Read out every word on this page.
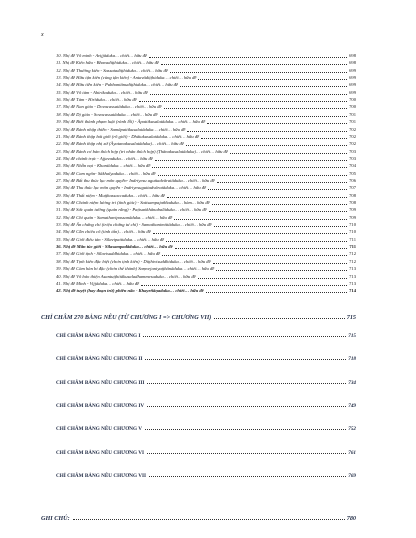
x
10. Nhị đề Vô minh - Avijjāduka… chiết… hữu đề	698
11. Nhị đề Kiến hữu - Bhavadiṭṭhiduka… chiết… hữu đề	698
12. Nhị đề Thường kiến - Sassatadiṭṭhiduka… chiết… hữu đề	699
13. Nhị đề Hữu tận kiến (cùng tận kiến) - Antavādiṭṭhiduka… chiết… hữu đề	699
14. Nhị đề Hữu tiền kiến - Pubbantānudiṭṭhiduka… chiết… hữu đề	699
15. Nhị đề Vô tàm - Ahirikaduka… chiết… hữu đề	699
16. Nhị đề Tàm - Hirīduka… chiết… hữu đề	700
17. Nhị đề Nan giáo - Dovacassatāduka… chiết… hữu đề	700
18. Nhị đề Dị giáo - Sovacassatāduka… chiết… hữu đề	701
19. Nhị đề Biết thành phạm luật (rành lỗi) - Āpattikusalatāduka… chiết… hữu đề	701
20. Nhị đề Rành nhập thiền - Samāpattikusalatāduka… chiết… hữu đề	702
21. Nhị đề Rành thập bát giới (rõ giới) - Dhātukusalatāduka… chiết… hữu đề	702
22. Nhị đề Rành thập nhị xứ (Āyatanakusalatāduka)… chiết… hữu đề	702
23. Nhị đề Rành cơ bản thích hợp (tri nhân thích hợp) (Ṭhānakusalatāduka)… chiết… hữu đề	703
24. Nhị đề chánh trực - Ajjavaduka… chiết… hữu đề	703
25. Nhị đề Nhẫn nại - Khantīduka… chiết… hữu đề	704
26. Nhị đề Cam ngôn- Sākhalyaduka… chiết… hữu đề	705
27. Nhị đề Bất thu thúc lục môn quyền- Indriyesu aguttadvāratāduka… chiết… hữu đề	706
28. Nhị đề Thu thúc lục môn quyền - Indriyesuguttadvāratāduka… chiết… hữu đề	707
29. Nhị đề Thất niệm - Muṭṭhassaccaduka… chiết… hữu đề	708
30. Nhị đề Chánh niệm lương tri (tỉnh giác) - Satisampajaññaduka… hàm… hữu đề	708
31. Nhị đề Sức quán tưởng (quán rằng) - Paṭisaṅkhānabalāduka… chiết… hữu đề	709
32. Nhị đề Chỉ quán - Samathavipassanāduka… chiết… hữu đề	709
33. Nhị đề Ấn chứng chỉ (triệu chứng tư chỉ) - Samathanimittāduka… chiết… hữu đề	710
34. Nhị đề Cần chiếu cố (tinh tấn)… chiết… hữu đề	710
35. Nhị đề Giới điêu tàn - Sīlavipattiduka… chiết… hữu đề	711
36. Nhị đề Mãn túc giới - Sīlasampadāduka… chiết… hữu đề	711
37. Nhị đề Giới tịnh - Sīlavisuddhiduka… chiết… hữu đề	712
38. Nhị đề Tịnh kiến đặc biệt (chơn tịnh kiến) - Diṭṭhivisuddhiduka… chiết… hữu đề	712
39. Nhị đề Cảm hàn bi đặc (chơn thể thành) Saṃvejaniyaṭṭhānāduka… chiết… hữu đề	713
40. Nhị đề Vô báo thiện Asantuṭṭhitākusaladhammesuduka… chiết… hữu đề	713
41. Nhị đề Minh - Vijjāduka… chiết… hữu đề	713
42. Nhị đề tuyệt (hay đoạn trừ) phiền não - Khayeñāṇaduka… chiết… hữu đề	714
CHỈ CHÂM 270 BẢNG NÊU (TỪ CHƯƠNG I => CHƯƠNG VII)	715
CHỈ CHÂM BẢNG NÊU CHƯƠNG I	715
CHỈ CHÂM BẢNG NÊU CHƯƠNG II	718
CHỈ CHÂM BẢNG NÊU CHƯƠNG III	734
CHỈ CHÂM BẢNG NÊU CHƯƠNG IV	749
CHỈ CHÂM BẢNG NÊU CHƯƠNG V	752
CHỈ CHÂM BẢNG NÊU CHƯƠNG VI	761
CHỈ CHÂM BẢNG NÊU CHƯƠNG VII	769
GHI CHÚ:	780
